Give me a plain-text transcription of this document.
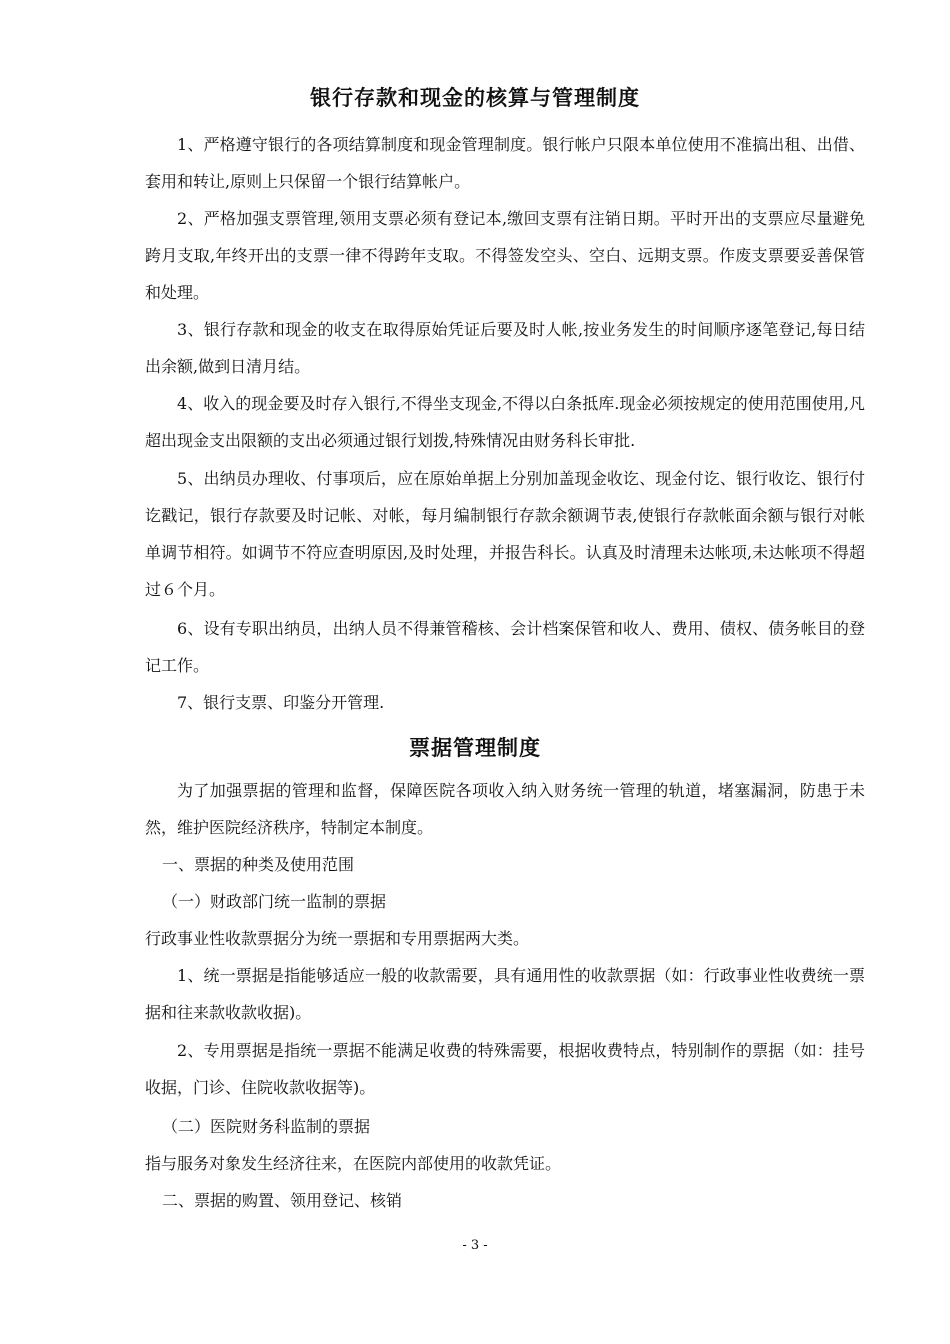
银行存款和现金的核算与管理制度
1、严格遵守银行的各项结算制度和现金管理制度。银行帐户只限本单位使用不准搞出租、出借、套用和转让,原则上只保留一个银行结算帐户。
2、严格加强支票管理,领用支票必须有登记本,缴回支票有注销日期。平时开出的支票应尽量避免跨月支取,年终开出的支票一律不得跨年支取。不得签发空头、空白、远期支票。作废支票要妥善保管和处理。
3、银行存款和现金的收支在取得原始凭证后要及时人帐,按业务发生的时间顺序逐笔登记,每日结出余额,做到日清月结。
4、收入的现金要及时存入银行,不得坐支现金,不得以白条抵库.现金必须按规定的使用范围使用,凡超出现金支出限额的支出必须通过银行划拨,特殊情况由财务科长审批.
5、出纳员办理收、付事项后，应在原始单据上分别加盖现金收讫、现金付讫、银行收讫、银行付讫戳记，银行存款要及时记帐、对帐，每月编制银行存款余额调节表,使银行存款帐面余额与银行对帐单调节相符。如调节不符应查明原因,及时处理，并报告科长。认真及时清理未达帐项,未达帐项不得超过６个月。
6、设有专职出纳员，出纳人员不得兼管稽核、会计档案保管和收人、费用、债权、债务帐目的登记工作。
7、银行支票、印鉴分开管理.
票据管理制度
为了加强票据的管理和监督，保障医院各项收入纳入财务统一管理的轨道，堵塞漏洞，防患于未然，维护医院经济秩序，特制定本制度。
一、票据的种类及使用范围
（一）财政部门统一监制的票据
行政事业性收款票据分为统一票据和专用票据两大类。
1、统一票据是指能够适应一般的收款需要，具有通用性的收款票据（如：行政事业性收费统一票据和往来款收款收据)。
2、专用票据是指统一票据不能满足收费的特殊需要，根据收费特点，特别制作的票据（如：挂号收据，门诊、住院收款收据等)。
（二）医院财务科监制的票据
指与服务对象发生经济往来，在医院内部使用的收款凭证。
二、票据的购置、领用登记、核销
- 3 -
